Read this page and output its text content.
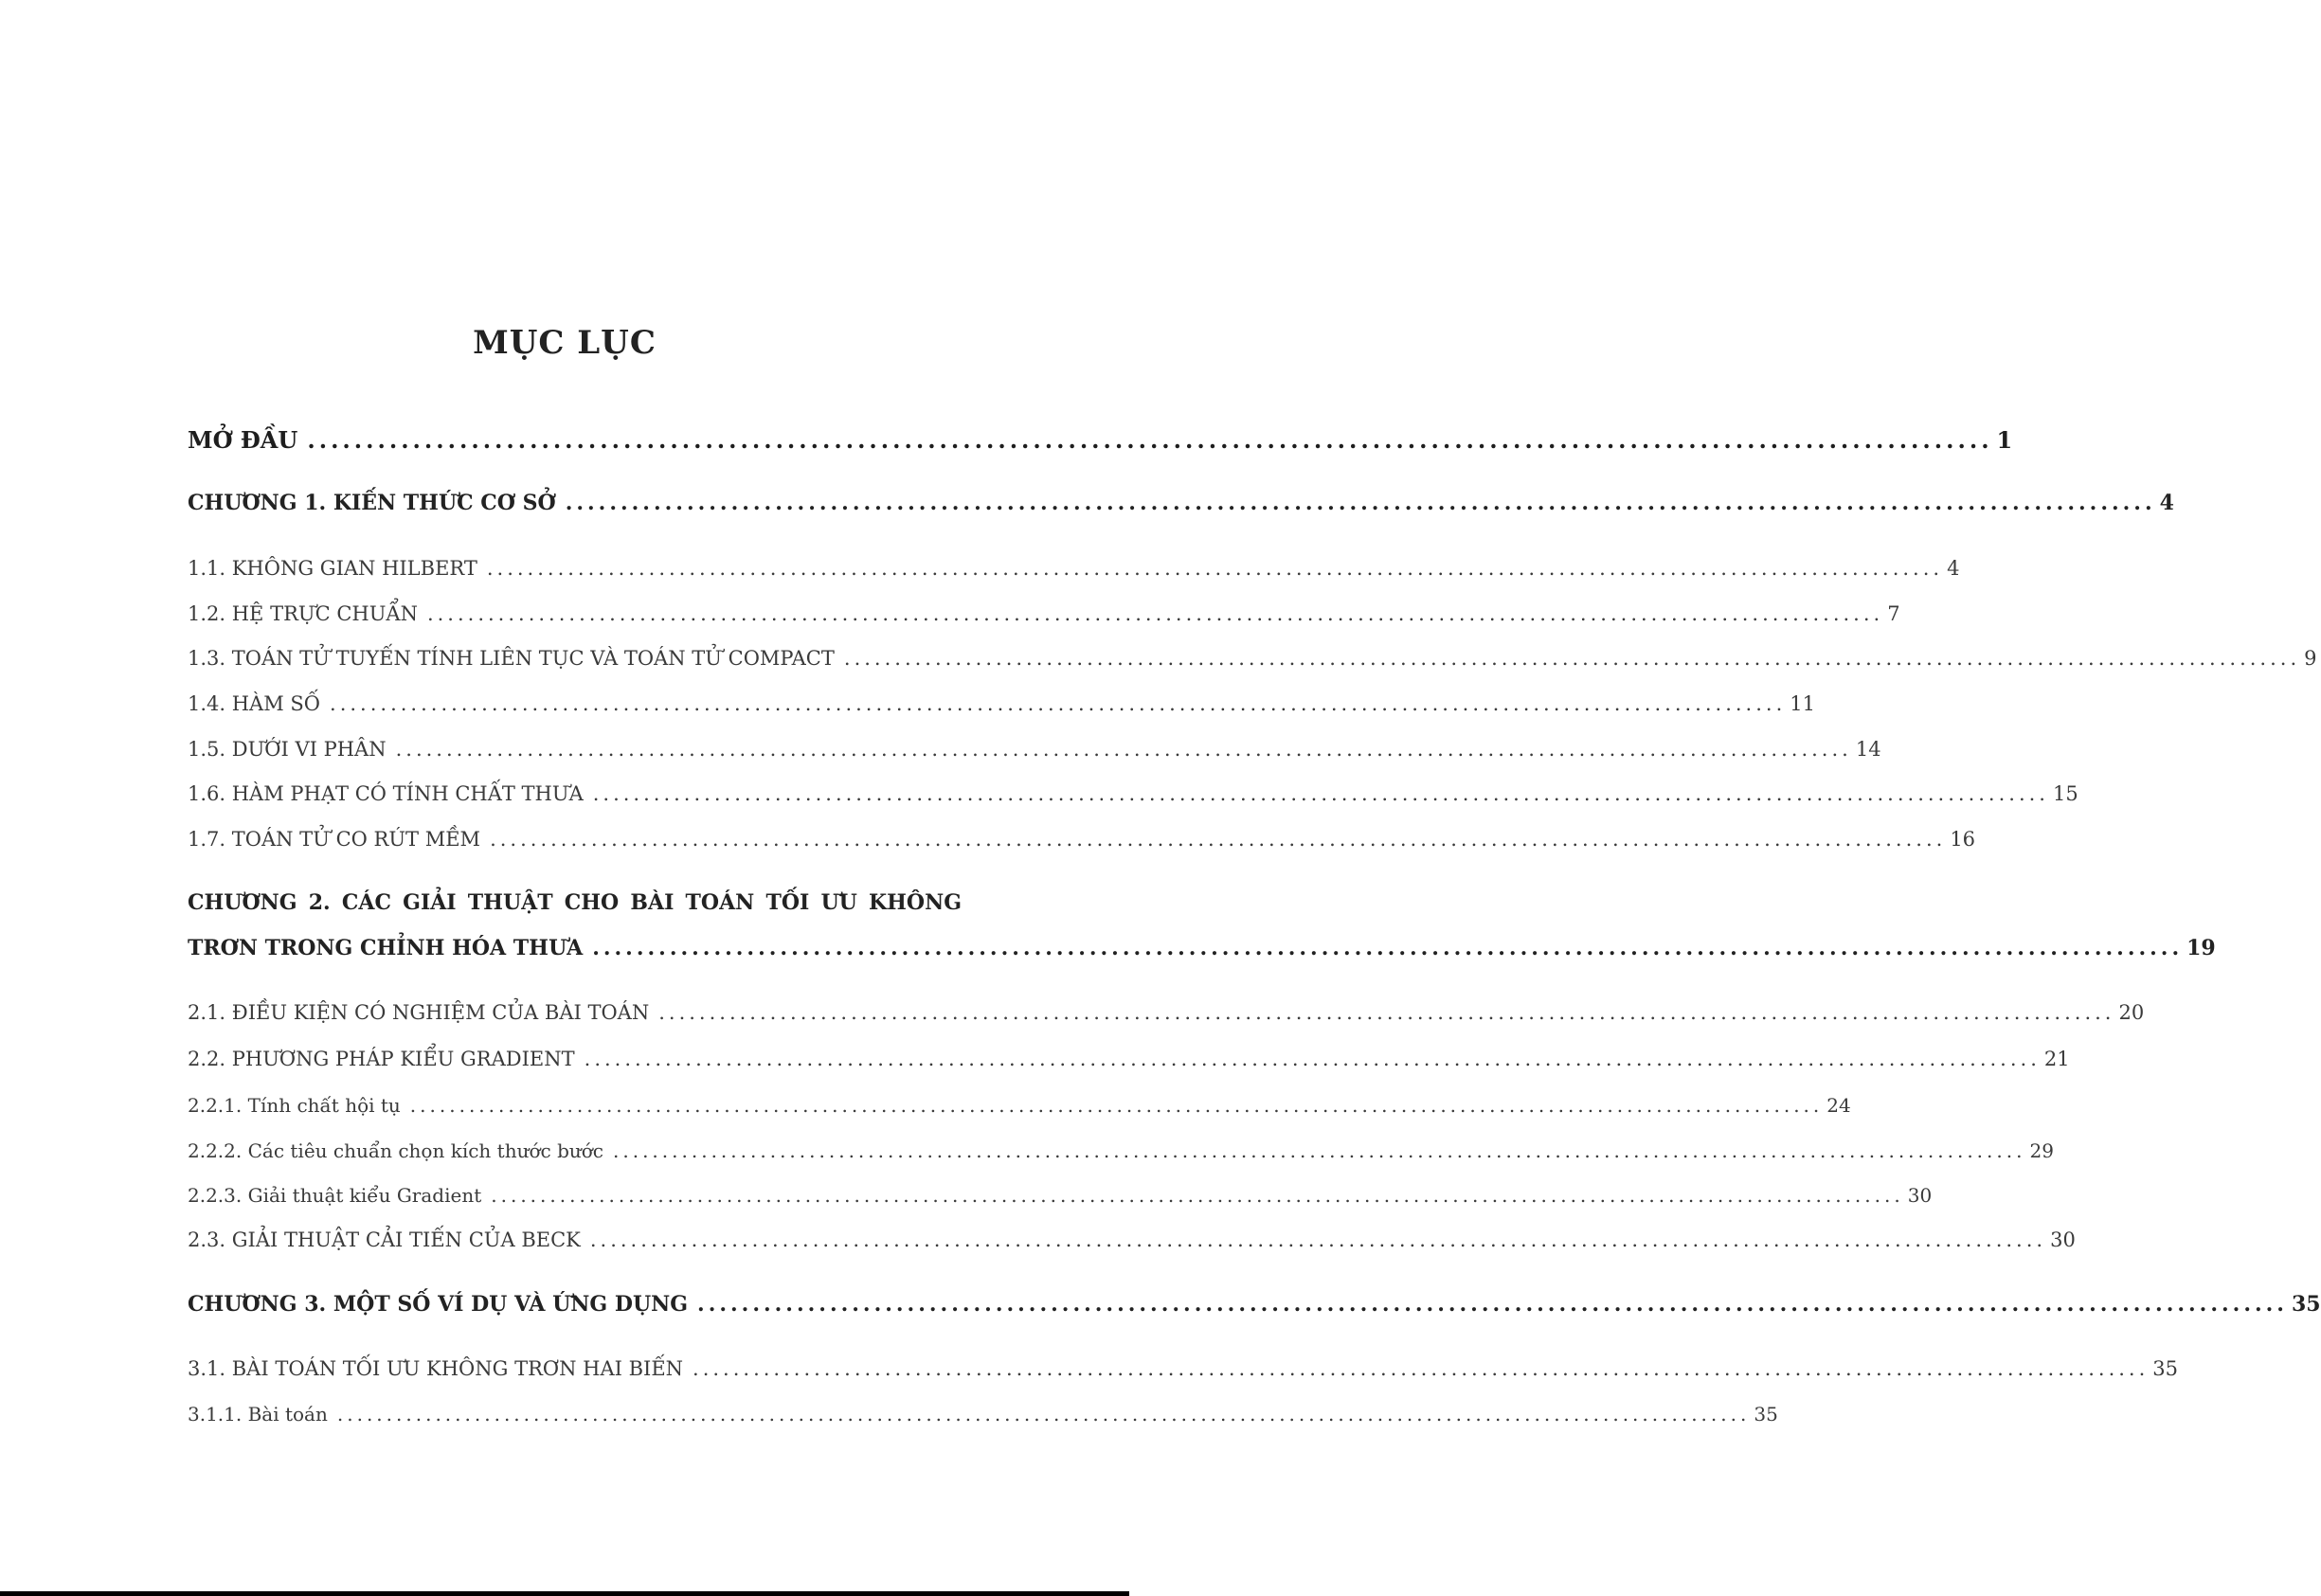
MỤC LỤC
MỞ ĐẦU ................................................................................................................................................ 1
CHƯƠNG 1. KIẾN THỨC CƠ SỞ ................................................................................................................................................ 4
1.1. KHÔNG GIAN HILBERT ................................................................................................................................................ 4
1.2. HỆ TRỰC CHUẨN ................................................................................................................................................ 7
1.3. TOÁN TỬ TUYẾN TÍNH LIÊN TỤC VÀ TOÁN TỬ COMPACT ................................................................................................................................................ 9
1.4. HÀM SỐ ................................................................................................................................................ 11
1.5. DƯỚI VI PHÂN ................................................................................................................................................ 14
1.6. HÀM PHẠT CÓ TÍNH CHẤT THƯA ................................................................................................................................................ 15
1.7. TOÁN TỬ CO RÚT MỀM ................................................................................................................................................ 16
CHƯƠNG 2. CÁC GIẢI THUẬT CHO BÀI TOÁN TỐI ƯU KHÔNG
TRƠN TRONG CHỈNH HÓA THƯA ................................................................................................................................................ 19
2.1. ĐIỀU KIỆN CÓ NGHIỆM CỦA BÀI TOÁN ................................................................................................................................................ 20
2.2. PHƯƠNG PHÁP KIỂU GRADIENT ................................................................................................................................................ 21
2.2.1. Tính chất hội tụ ................................................................................................................................................ 24
2.2.2. Các tiêu chuẩn chọn kích thước bước ................................................................................................................................................ 29
2.2.3. Giải thuật kiểu Gradient ................................................................................................................................................ 30
2.3. GIẢI THUẬT CẢI TIẾN CỦA BECK ................................................................................................................................................ 30
CHƯƠNG 3. MỘT SỐ VÍ DỤ VÀ ỨNG DỤNG ................................................................................................................................................ 35
3.1. BÀI TOÁN TỐI ƯU KHÔNG TRƠN HAI BIẾN ................................................................................................................................................ 35
3.1.1. Bài toán ................................................................................................................................................ 35
